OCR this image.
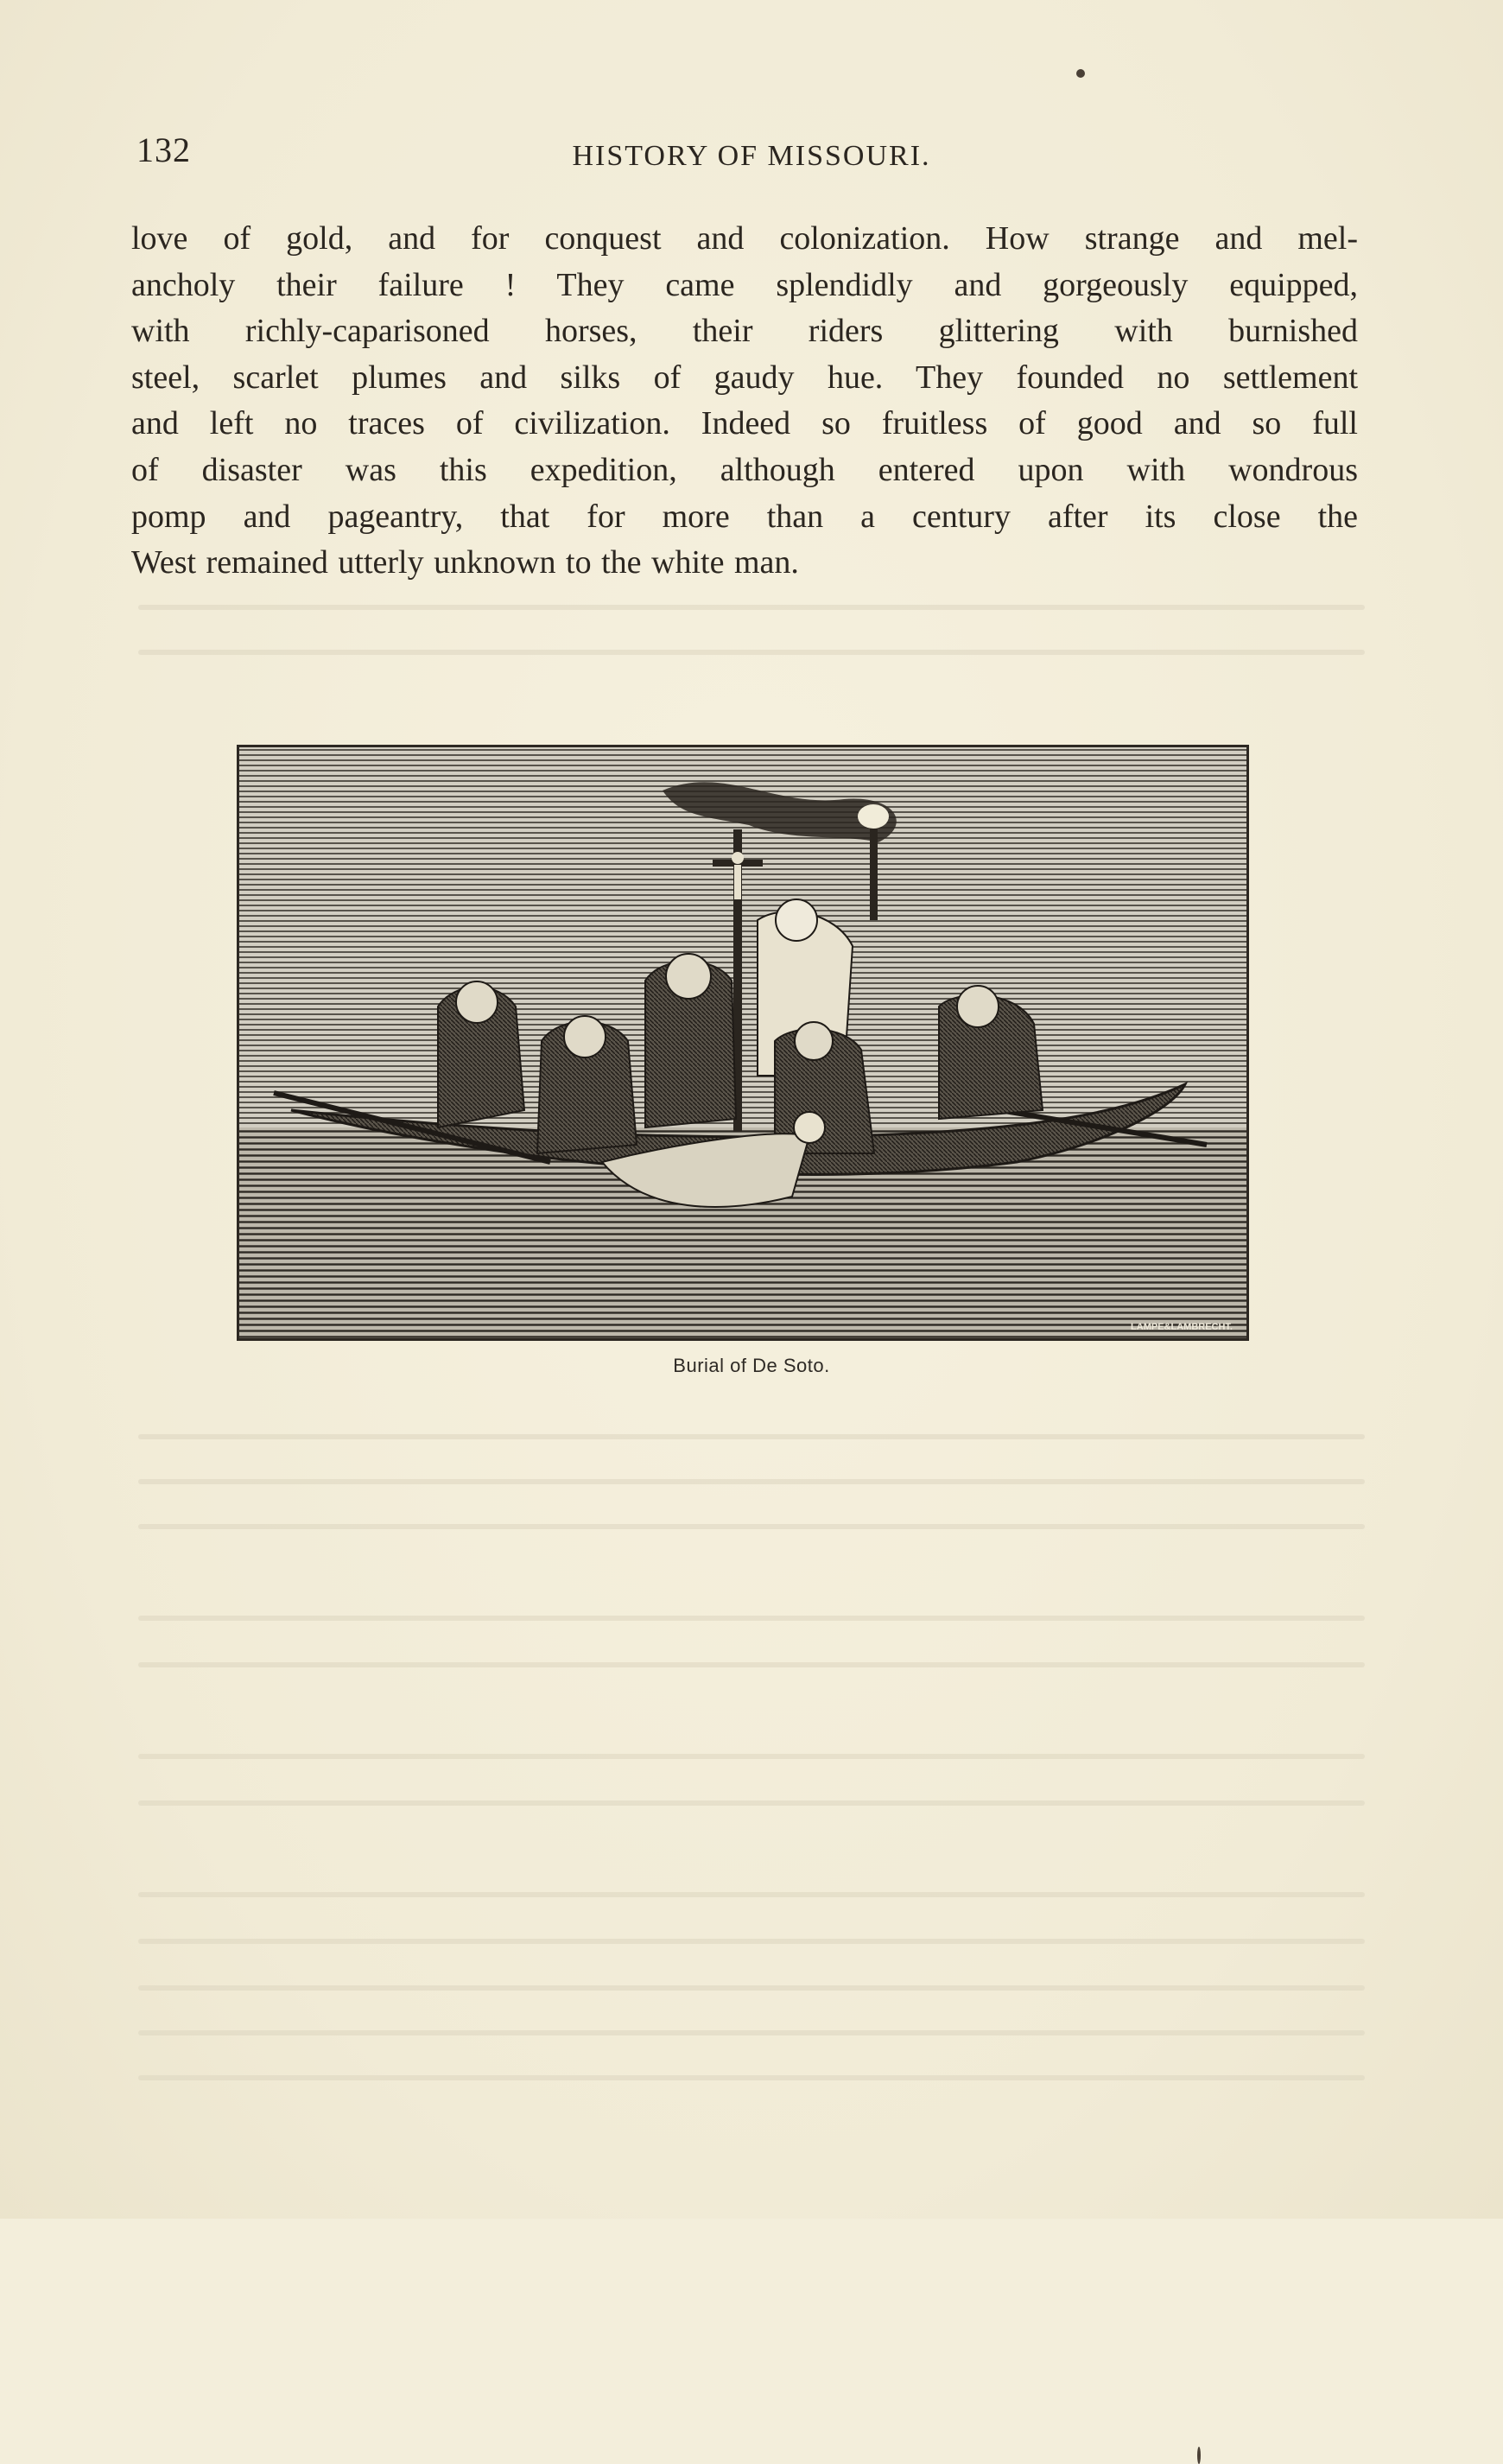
132	HISTORY OF MISSOURI.
love of gold, and for conquest and colonization. How strange and mel-
ancholy their failure ! They came splendidly and gorgeously equipped,
with richly-caparisoned horses, their riders glittering with burnished
steel, scarlet plumes and silks of gaudy hue. They founded no settlement
and left no traces of civilization. Indeed so fruitless of good and so full
of disaster was this expedition, although entered upon with wondrous
pomp and pageantry, that for more than a century after its close the
West remained utterly unknown to the white man.
LAMPE&LAMBRECHT.
Burial of De Soto.
